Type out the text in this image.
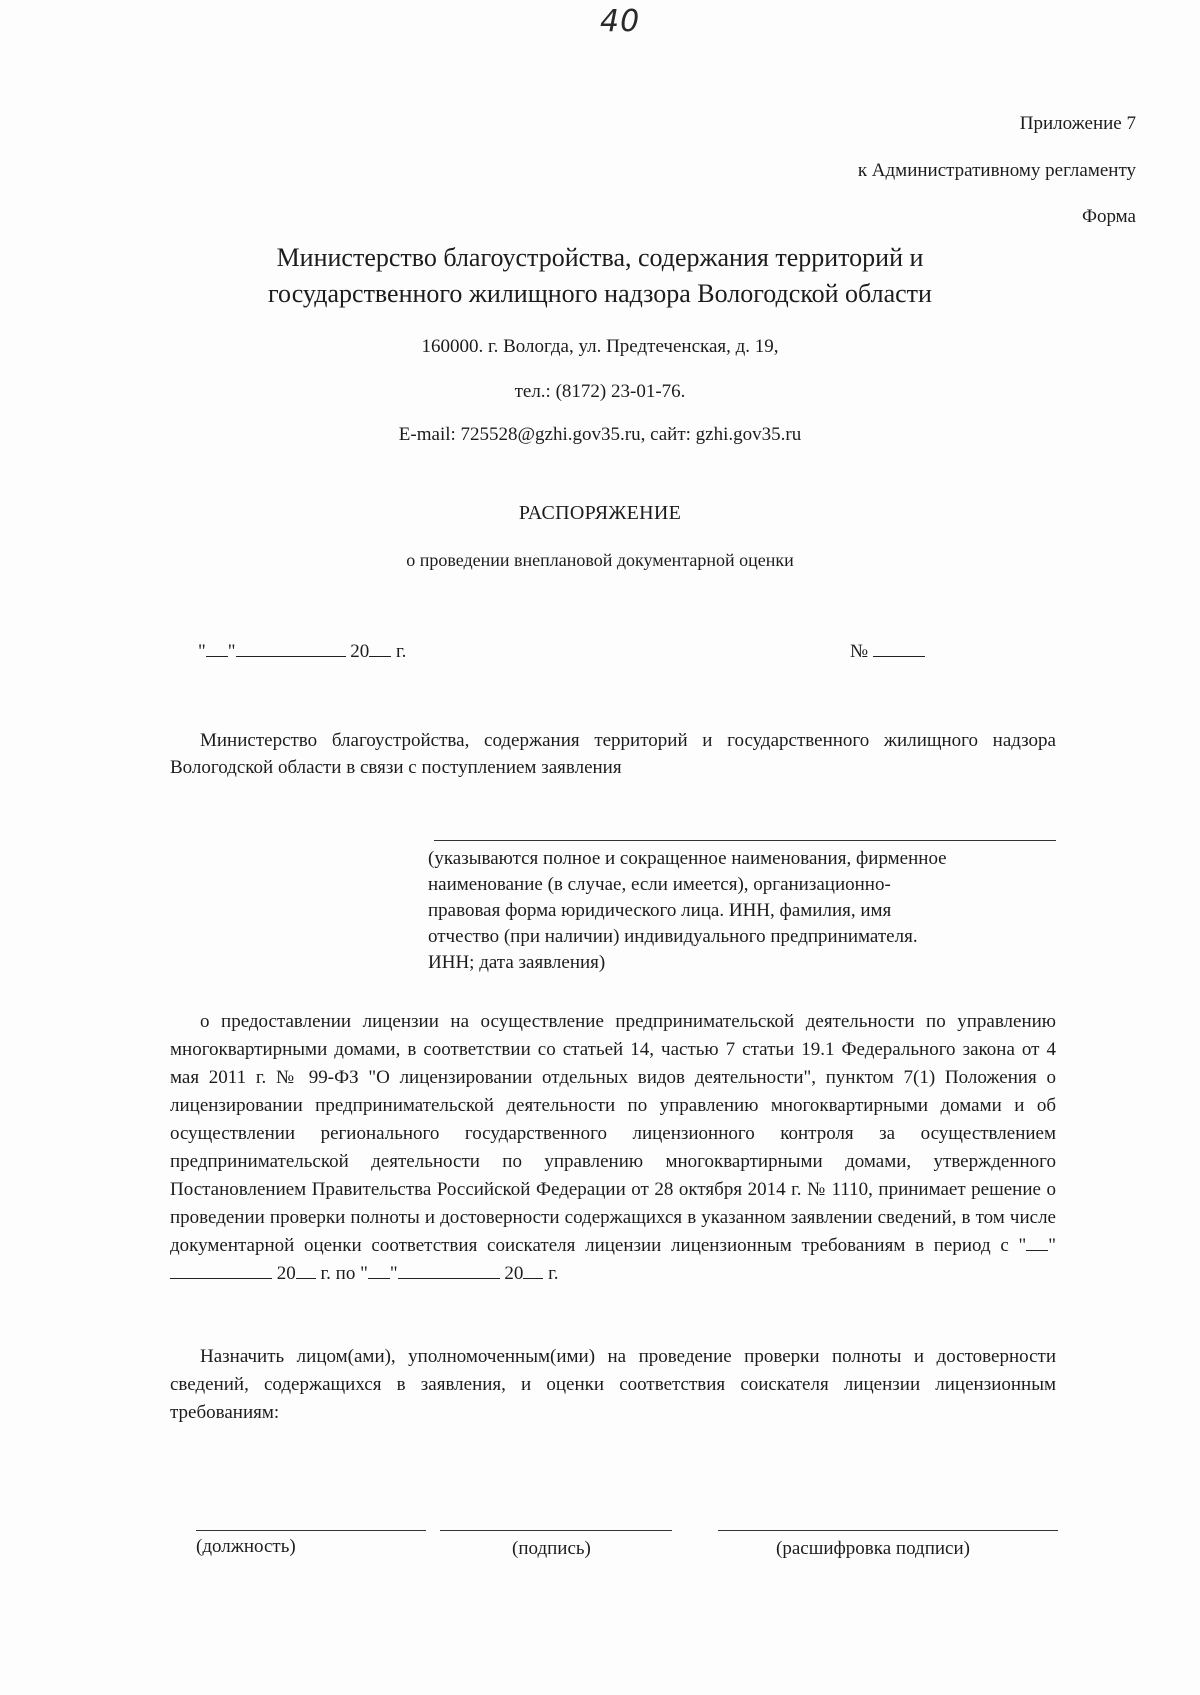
40
Приложение 7
к Административному регламенту
Форма
Министерство благоустройства, содержания территорий и
государственного жилищного надзора Вологодской области
160000. г. Вологда, ул. Предтеченская, д. 19,
тел.: (8172) 23-01-76.
E-mail: 725528@gzhi.gov35.ru, сайт: gzhi.gov35.ru
РАСПОРЯЖЕНИЕ
о проведении внеплановой документарной оценки
" "	20 г.	№
Министерство благоустройства, содержания территорий и государственного жилищного надзора Вологодской области в связи с поступлением заявления
(указываются полное и сокращенное наименования, фирменное
наименование (в случае, если имеется), организационно-
правовая форма юридического лица. ИНН, фамилия, имя
отчество (при наличии) индивидуального предпринимателя.
ИНН; дата заявления)
о предоставлении лицензии на осуществление предпринимательской деятельности по управлению многоквартирными домами, в соответствии со статьей 14, частью 7 статьи 19.1 Федерального закона от 4 мая 2011 г. № 99-ФЗ "О лицензировании отдельных видов деятельности", пунктом 7(1) Положения о лицензировании предпринимательской деятельности по управлению многоквартирными домами и об осуществлении регионального государственного лицензионного контроля за осуществлением предпринимательской деятельности по управлению многоквартирными домами, утвержденного Постановлением Правительства Российской Федерации от 28 октября 2014 г. № 1110, принимает решение о проведении проверки полноты и достоверности содержащихся в указанном заявлении сведений, в том числе документарной оценки соответствия соискателя лицензии лицензионным требованиям в период с " " 20 г. по " "	20 г.
Назначить лицом(ами), уполномоченным(ими) на проведение проверки полноты и достоверности сведений, содержащихся в заявления, и оценки соответствия соискателя лицензии лицензионным требованиям:
(должность)	(подпись)	(расшифровка подписи)
